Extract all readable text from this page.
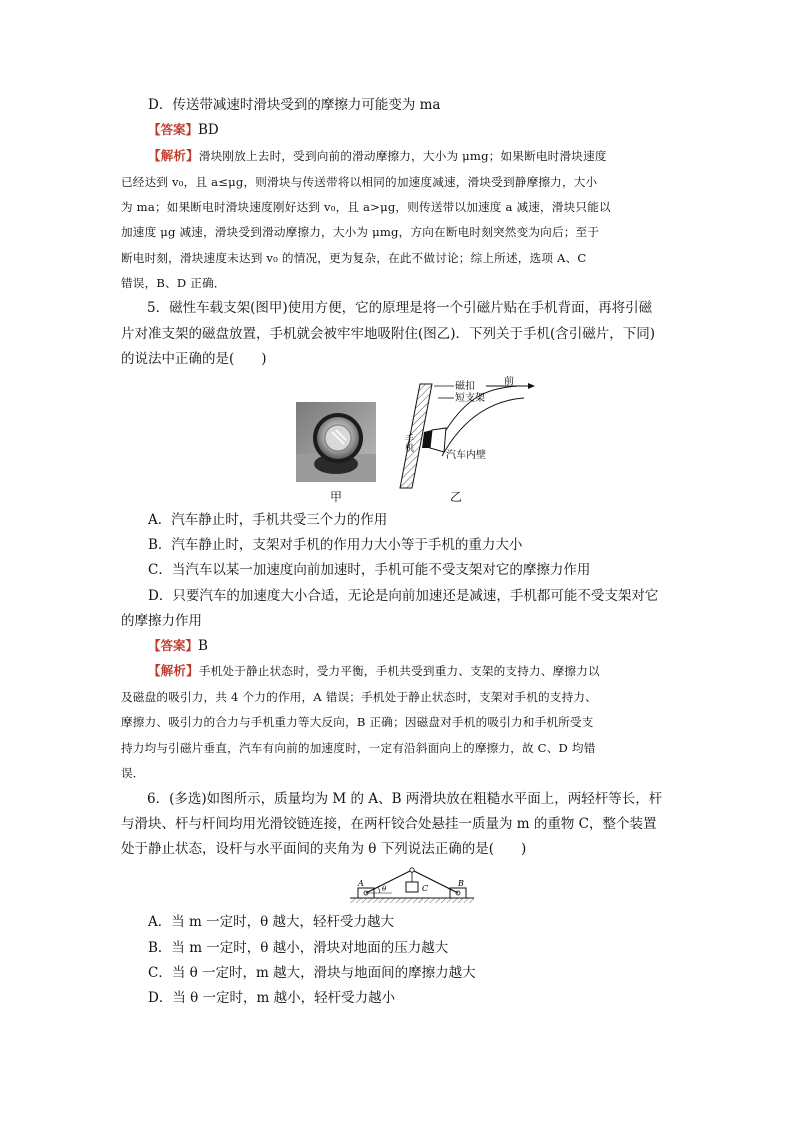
D．传送带减速时滑块受到的摩擦力可能变为 ma
【答案】BD
【解析】滑块刚放上去时，受到向前的滑动摩擦力，大小为 μmg；如果断电时滑块速度
已经达到 v₀，且 a≤μg，则滑块与传送带将以相同的加速度减速，滑块受到静摩擦力，大小
为 ma；如果断电时滑块速度刚好达到 v₀，且 a>μg，则传送带以加速度 a 减速，滑块只能以
加速度 μg 减速，滑块受到滑动摩擦力，大小为 μmg，方向在断电时刻突然变为向后；至于
断电时刻，滑块速度未达到 v₀ 的情况，更为复杂，在此不做讨论；综上所述，选项 A、C
错误，B、D 正确．
5．磁性车载支架(图甲)使用方便，它的原理是将一个引磁片贴在手机背面，再将引磁
片对准支架的磁盘放置，手机就会被牢牢地吸附住(图乙)．下列关于手机(含引磁片，下同)
的说法中正确的是(　　)
甲
磁扣
短支架
前
手机
汽车内壁
乙
A．汽车静止时，手机共受三个力的作用
B．汽车静止时，支架对手机的作用力大小等于手机的重力大小
C．当汽车以某一加速度向前加速时，手机可能不受支架对它的摩擦力作用
D．只要汽车的加速度大小合适，无论是向前加速还是减速，手机都可能不受支架对它
的摩擦力作用
【答案】B
【解析】手机处于静止状态时，受力平衡，手机共受到重力、支架的支持力、摩擦力以
及磁盘的吸引力，共 4 个力的作用，A 错误；手机处于静止状态时，支架对手机的支持力、
摩擦力、吸引力的合力与手机重力等大反向，B 正确；因磁盘对手机的吸引力和手机所受支
持力均与引磁片垂直，汽车有向前的加速度时，一定有沿斜面向上的摩擦力，故 C、D 均错
误．
6．(多选)如图所示，质量均为 M 的 A、B 两滑块放在粗糙水平面上，两轻杆等长，杆
与滑块、杆与杆间均用光滑铰链连接，在两杆铰合处悬挂一质量为 m 的重物 C，整个装置
处于静止状态，设杆与水平面间的夹角为 θ 下列说法正确的是(　　)
A	B
C
θ
A．当 m 一定时，θ 越大，轻杆受力越大
B．当 m 一定时，θ 越小，滑块对地面的压力越大
C．当 θ 一定时，m 越大，滑块与地面间的摩擦力越大
D．当 θ 一定时，m 越小，轻杆受力越小
